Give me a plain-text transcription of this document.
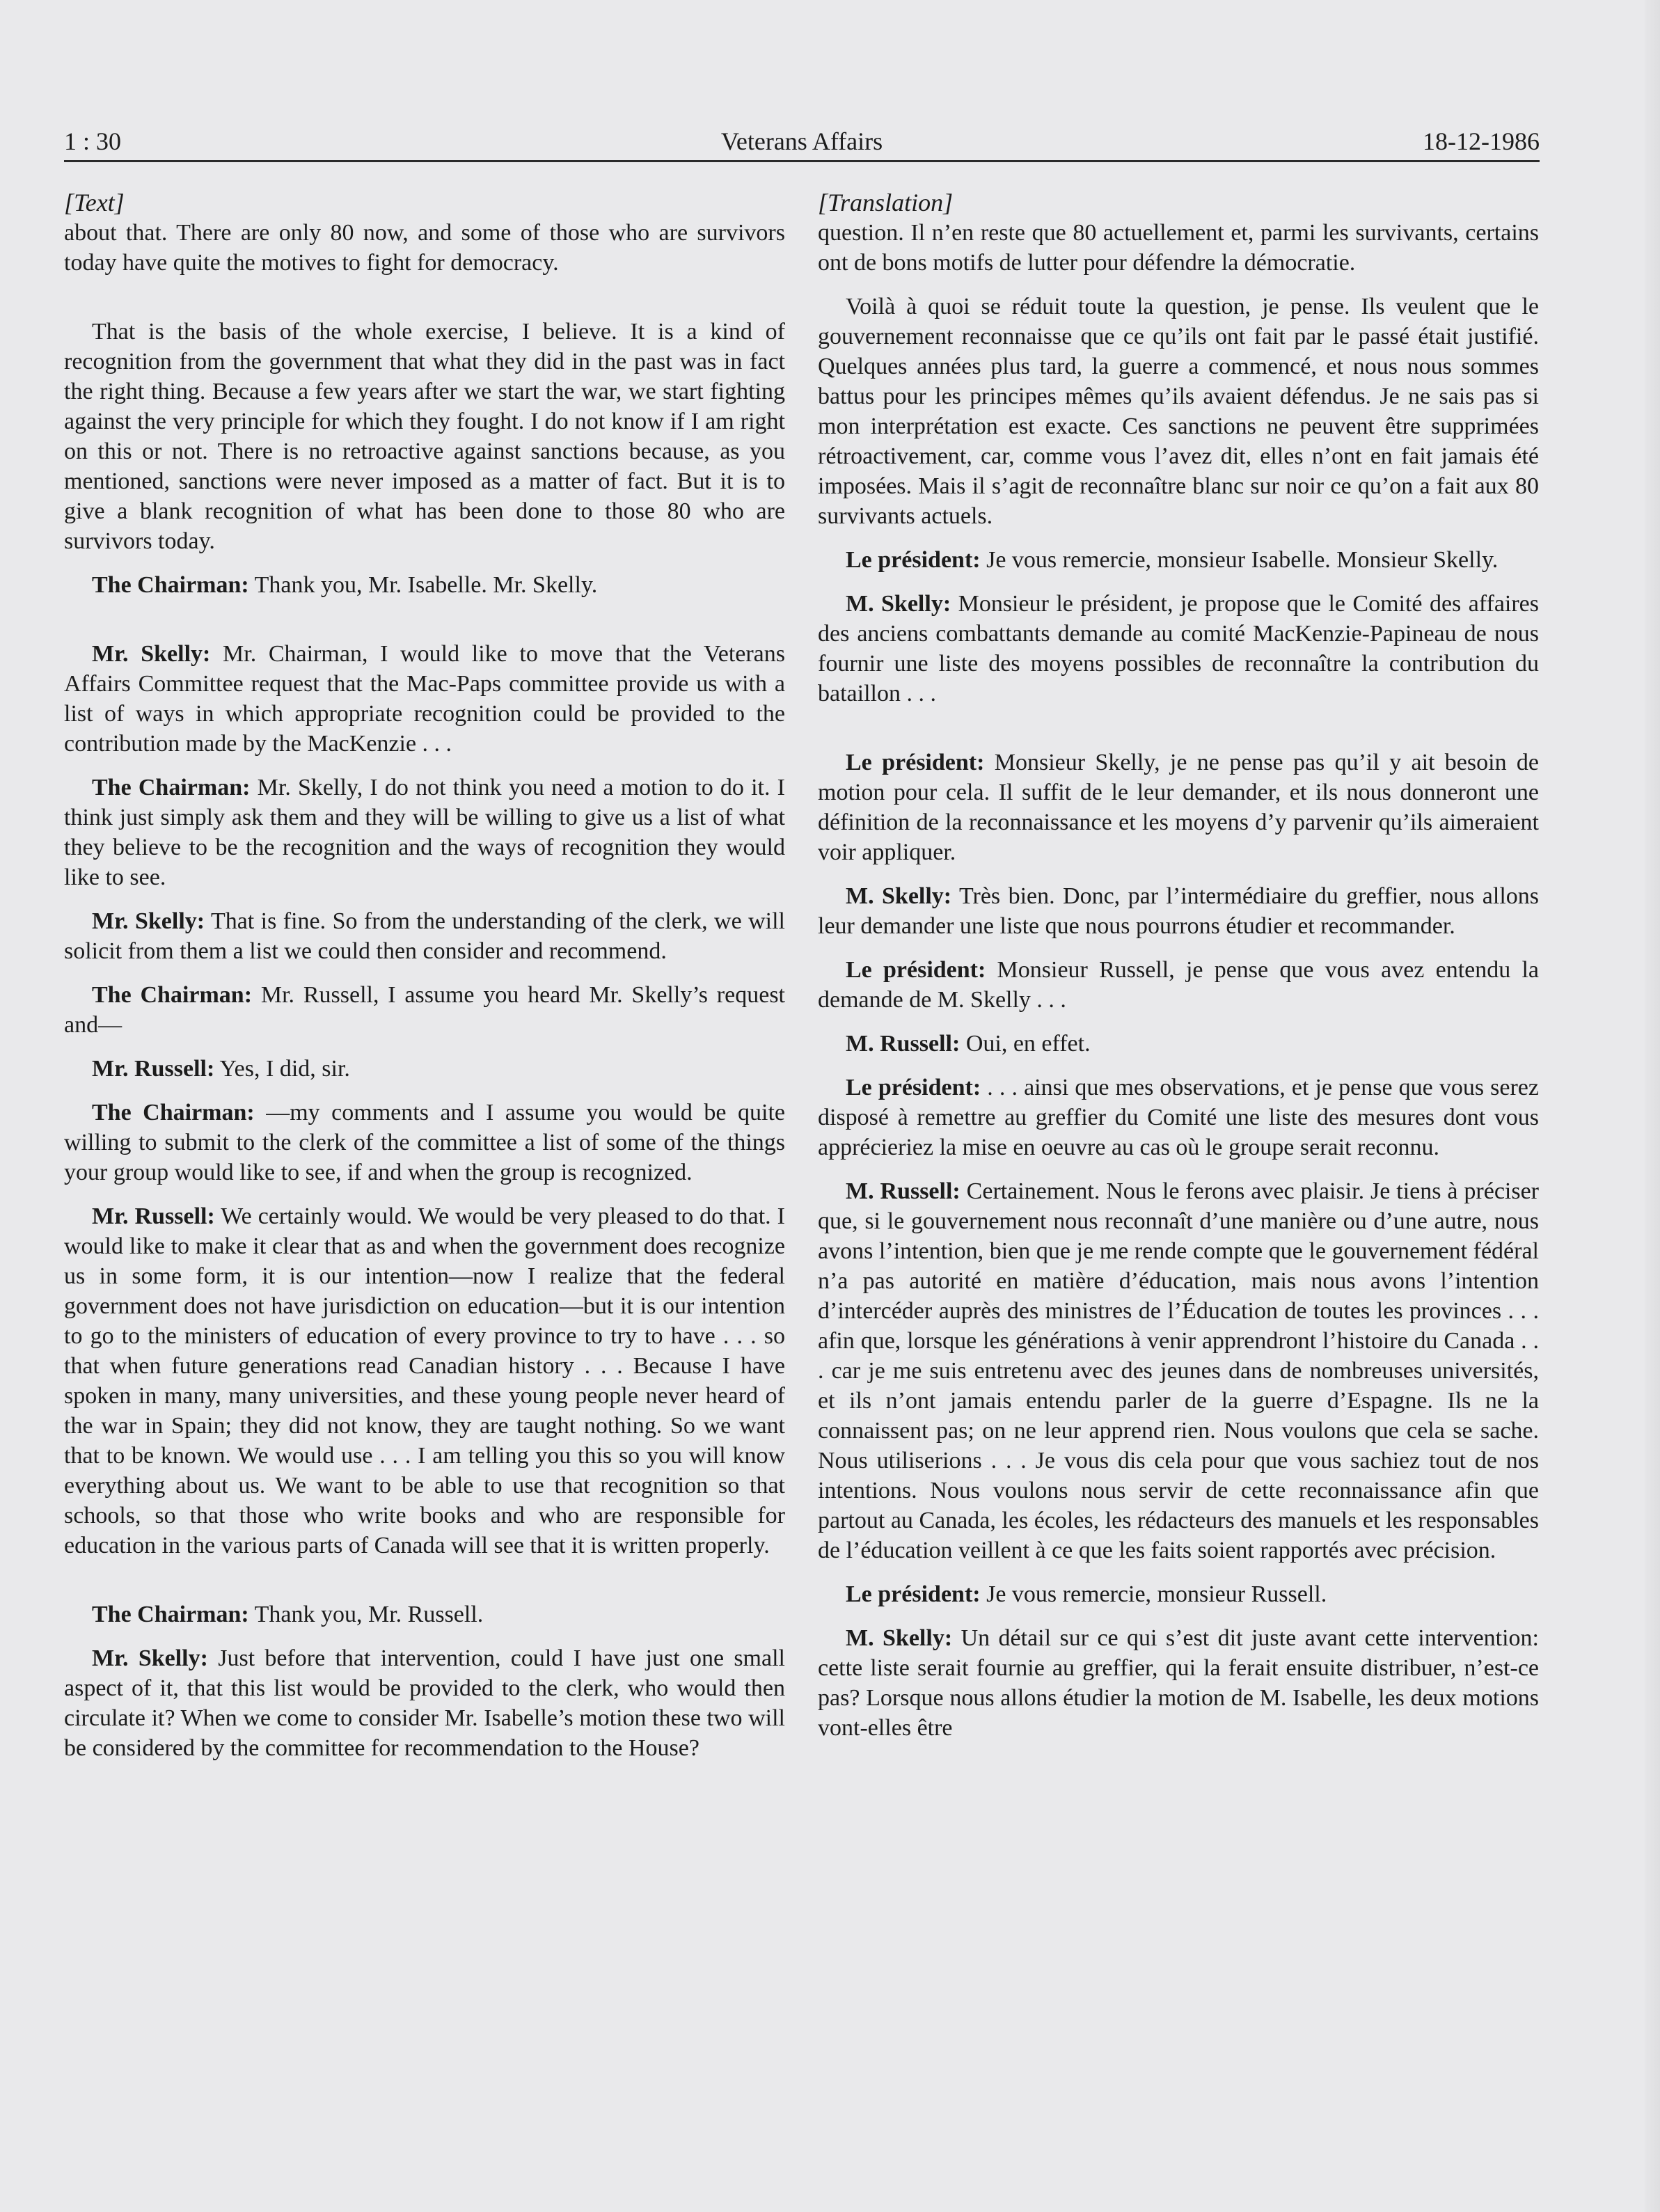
1 : 30	Veterans Affairs	18-12-1986

[Text]

about that. There are only 80 now, and some of those who are survivors today have quite the motives to fight for democracy.

That is the basis of the whole exercise, I believe. It is a kind of recognition from the government that what they did in the past was in fact the right thing. Because a few years after we start the war, we start fighting against the very principle for which they fought. I do not know if I am right on this or not. There is no retroactive against sanctions because, as you mentioned, sanctions were never imposed as a matter of fact. But it is to give a blank recognition of what has been done to those 80 who are survivors today.

The Chairman: Thank you, Mr. Isabelle. Mr. Skelly.

Mr. Skelly: Mr. Chairman, I would like to move that the Veterans Affairs Committee request that the Mac-Paps committee provide us with a list of ways in which appropriate recognition could be provided to the contribution made by the MacKenzie . . .

The Chairman: Mr. Skelly, I do not think you need a motion to do it. I think just simply ask them and they will be willing to give us a list of what they believe to be the recognition and the ways of recognition they would like to see.

Mr. Skelly: That is fine. So from the understanding of the clerk, we will solicit from them a list we could then consider and recommend.

The Chairman: Mr. Russell, I assume you heard Mr. Skelly’s request and—

Mr. Russell: Yes, I did, sir.

The Chairman: —my comments and I assume you would be quite willing to submit to the clerk of the committee a list of some of the things your group would like to see, if and when the group is recognized.

Mr. Russell: We certainly would. We would be very pleased to do that. I would like to make it clear that as and when the government does recognize us in some form, it is our intention—now I realize that the federal government does not have jurisdiction on education—but it is our intention to go to the ministers of education of every province to try to have . . . so that when future generations read Canadian history . . . Because I have spoken in many, many universities, and these young people never heard of the war in Spain; they did not know, they are taught nothing. So we want that to be known. We would use . . . I am telling you this so you will know everything about us. We want to be able to use that recognition so that schools, so that those who write books and who are responsible for education in the various parts of Canada will see that it is written properly.

The Chairman: Thank you, Mr. Russell.

Mr. Skelly: Just before that intervention, could I have just one small aspect of it, that this list would be provided to the clerk, who would then circulate it? When we come to consider Mr. Isabelle’s motion these two will be considered by the committee for recommendation to the House?

[Translation]

question. Il n’en reste que 80 actuellement et, parmi les survivants, certains ont de bons motifs de lutter pour défendre la démocratie.

Voilà à quoi se réduit toute la question, je pense. Ils veulent que le gouvernement reconnaisse que ce qu’ils ont fait par le passé était justifié. Quelques années plus tard, la guerre a commencé, et nous nous sommes battus pour les principes mêmes qu’ils avaient défendus. Je ne sais pas si mon interprétation est exacte. Ces sanctions ne peuvent être supprimées rétroactivement, car, comme vous l’avez dit, elles n’ont en fait jamais été imposées. Mais il s’agit de reconnaître blanc sur noir ce qu’on a fait aux 80 survivants actuels.

Le président: Je vous remercie, monsieur Isabelle. Monsieur Skelly.

M. Skelly: Monsieur le président, je propose que le Comité des affaires des anciens combattants demande au comité MacKenzie-Papineau de nous fournir une liste des moyens possibles de reconnaître la contribution du bataillon . . .

Le président: Monsieur Skelly, je ne pense pas qu’il y ait besoin de motion pour cela. Il suffit de le leur demander, et ils nous donneront une définition de la reconnaissance et les moyens d’y parvenir qu’ils aimeraient voir appliquer.

M. Skelly: Très bien. Donc, par l’intermédiaire du greffier, nous allons leur demander une liste que nous pourrons étudier et recommander.

Le président: Monsieur Russell, je pense que vous avez entendu la demande de M. Skelly . . .

M. Russell: Oui, en effet.

Le président: . . . ainsi que mes observations, et je pense que vous serez disposé à remettre au greffier du Comité une liste des mesures dont vous apprécieriez la mise en oeuvre au cas où le groupe serait reconnu.

M. Russell: Certainement. Nous le ferons avec plaisir. Je tiens à préciser que, si le gouvernement nous reconnaît d’une manière ou d’une autre, nous avons l’intention, bien que je me rende compte que le gouvernement fédéral n’a pas autorité en matière d’éducation, mais nous avons l’intention d’intercéder auprès des ministres de l’Éducation de toutes les provinces . . . afin que, lorsque les générations à venir apprendront l’histoire du Canada . . . car je me suis entretenu avec des jeunes dans de nombreuses universités, et ils n’ont jamais entendu parler de la guerre d’Espagne. Ils ne la connaissent pas; on ne leur apprend rien. Nous voulons que cela se sache. Nous utiliserions . . . Je vous dis cela pour que vous sachiez tout de nos intentions. Nous voulons nous servir de cette reconnaissance afin que partout au Canada, les écoles, les rédacteurs des manuels et les responsables de l’éducation veillent à ce que les faits soient rapportés avec précision.

Le président: Je vous remercie, monsieur Russell.

M. Skelly: Un détail sur ce qui s’est dit juste avant cette intervention: cette liste serait fournie au greffier, qui la ferait ensuite distribuer, n’est-ce pas? Lorsque nous allons étudier la motion de M. Isabelle, les deux motions vont-elles être
